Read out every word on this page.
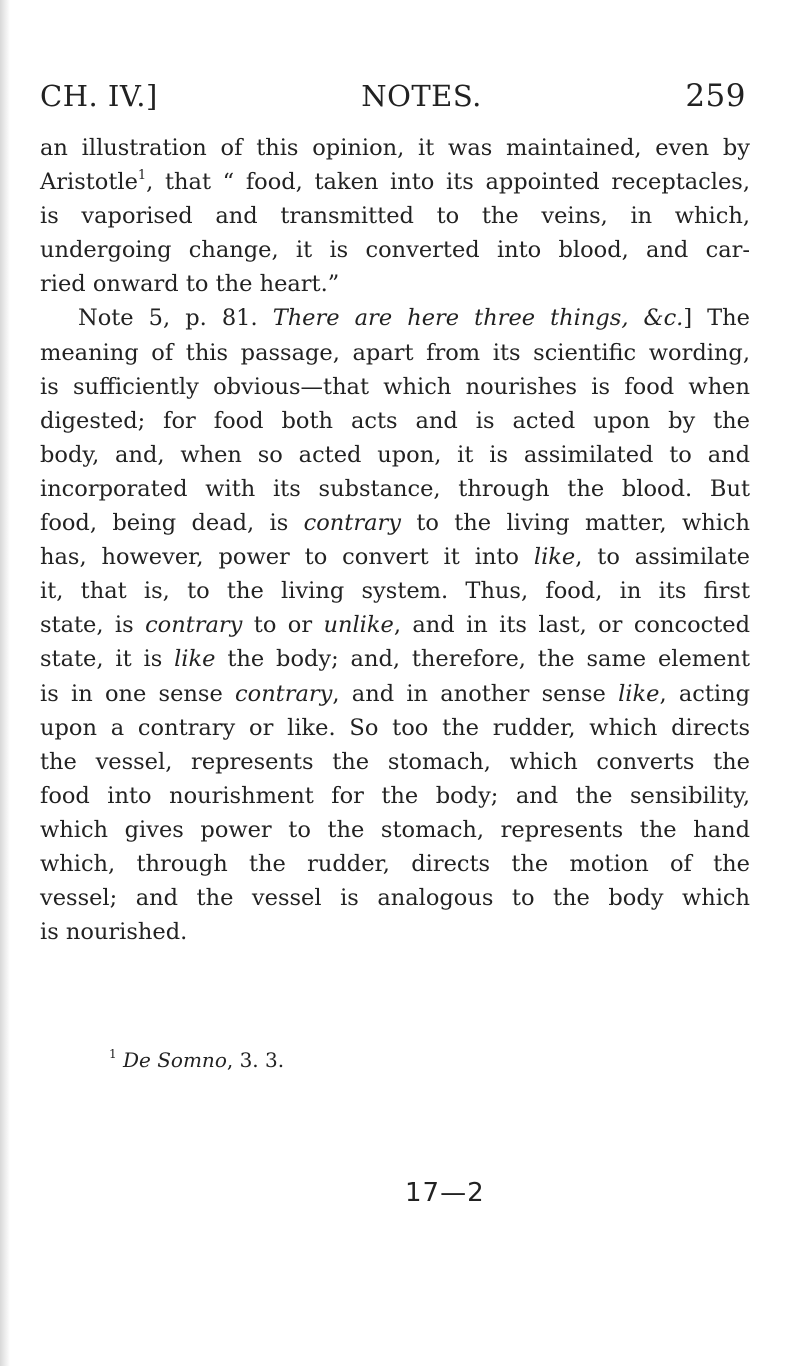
CH. IV.]	NOTES.	259
an illustration of this opinion, it was maintained, even by
Aristotle$^1$, that “ food, taken into its appointed receptacles,
is vaporised and transmitted to the veins, in which,
undergoing change, it is converted into blood, and car-
ried onward to the heart.”
Note 5, p. 81. There are here three things, &c.] The
meaning of this passage, apart from its scientific wording,
is sufficiently obvious—that which nourishes is food when
digested; for food both acts and is acted upon by the
body, and, when so acted upon, it is assimilated to and
incorporated with its substance, through the blood. But
food, being dead, is contrary to the living matter, which
has, however, power to convert it into like, to assimilate
it, that is, to the living system. Thus, food, in its first
state, is contrary to or unlike, and in its last, or concocted
state, it is like the body; and, therefore, the same element
is in one sense contrary, and in another sense like, acting
upon a contrary or like. So too the rudder, which directs
the vessel, represents the stomach, which converts the
food into nourishment for the body; and the sensibility,
which gives power to the stomach, represents the hand
which, through the rudder, directs the motion of the
vessel; and the vessel is analogous to the body which
is nourished.
$^1$ De Somno, 3. 3.
17—2
